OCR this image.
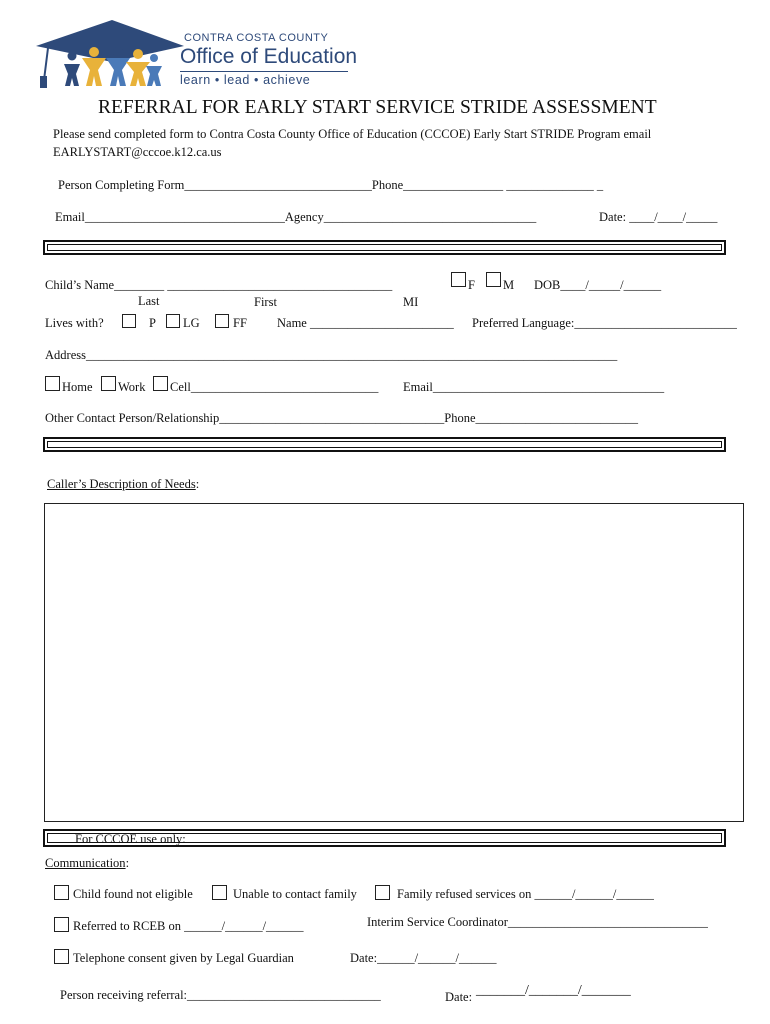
CONTRA COSTA COUNTY
Office of Education
learn • lead • achieve
REFERRAL FOR EARLY START SERVICE STRIDE ASSESSMENT
Please send completed form to Contra Costa County Office of Education (CCCOE) Early Start STRIDE Program email
EARLYSTART@cccoe.k12.ca.us
Person Completing Form______________________________Phone________________ ______________ _
Email________________________________Agency__________________________________	Date: ____/____/_____
Child’s Name________ ____________________________________	F M DOB____/_____/______
Last	First	MI
Lives with?	P LG	FF Name _______________________ Preferred Language:__________________________
Address_____________________________________________________________________________________
Home Work Cell______________________________ Email_____________________________________
Other Contact Person/Relationship____________________________________Phone__________________________
Caller’s Description of Needs:
For CCCOE use only:
Communication:
Child found not eligible	Unable to contact family	Family refused services on ______/______/______
Referred to RCEB on ______/______/______	Interim Service Coordinator________________________________
Telephone consent given by Legal Guardian	Date:______/______/______
Person receiving referral:_______________________________	Date: _______/_______/_______
